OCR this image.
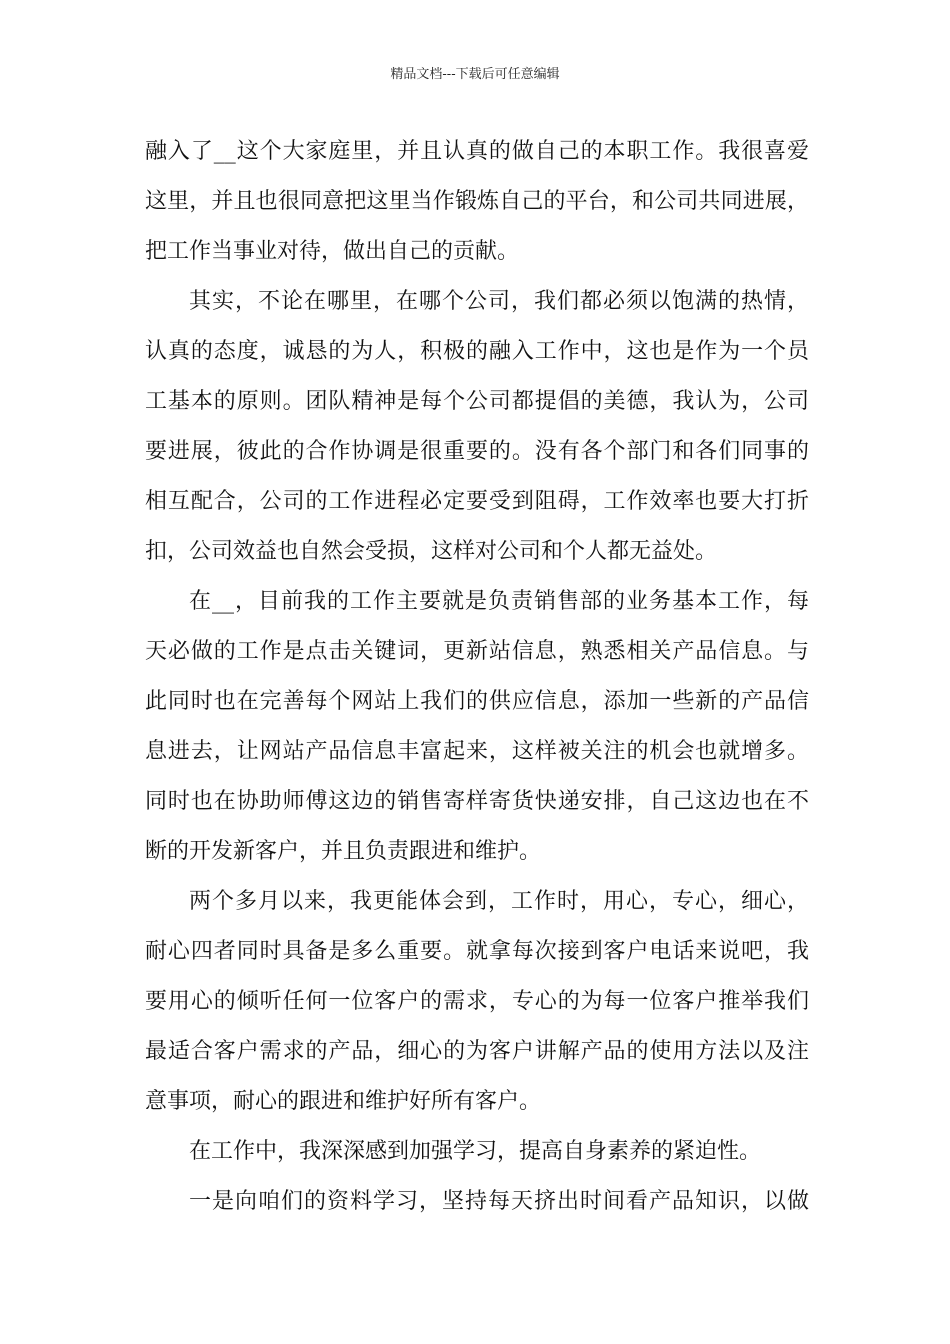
精品文档---下载后可任意编辑
融入了__这个大家庭里，并且认真的做自己的本职工作。我很喜爱
这里，并且也很同意把这里当作锻炼自己的平台，和公司共同进展，
把工作当事业对待，做出自己的贡献。
其实，不论在哪里，在哪个公司，我们都必须以饱满的热情，
认真的态度，诚恳的为人，积极的融入工作中，这也是作为一个员
工基本的原则。团队精神是每个公司都提倡的美德，我认为，公司
要进展，彼此的合作协调是很重要的。没有各个部门和各们同事的
相互配合，公司的工作进程必定要受到阻碍，工作效率也要大打折
扣，公司效益也自然会受损，这样对公司和个人都无益处。
在__，目前我的工作主要就是负责销售部的业务基本工作，每
天必做的工作是点击关键词，更新站信息，熟悉相关产品信息。与
此同时也在完善每个网站上我们的供应信息，添加一些新的产品信
息进去，让网站产品信息丰富起来，这样被关注的机会也就增多。
同时也在协助师傅这边的销售寄样寄货快递安排，自己这边也在不
断的开发新客户，并且负责跟进和维护。
两个多月以来，我更能体会到，工作时，用心，专心，细心，
耐心四者同时具备是多么重要。就拿每次接到客户电话来说吧，我
要用心的倾听任何一位客户的需求，专心的为每一位客户推举我们
最适合客户需求的产品，细心的为客户讲解产品的使用方法以及注
意事项，耐心的跟进和维护好所有客户。
在工作中，我深深感到加强学习，提高自身素养的紧迫性。
一是向咱们的资料学习，坚持每天挤出时间看产品知识，以做
